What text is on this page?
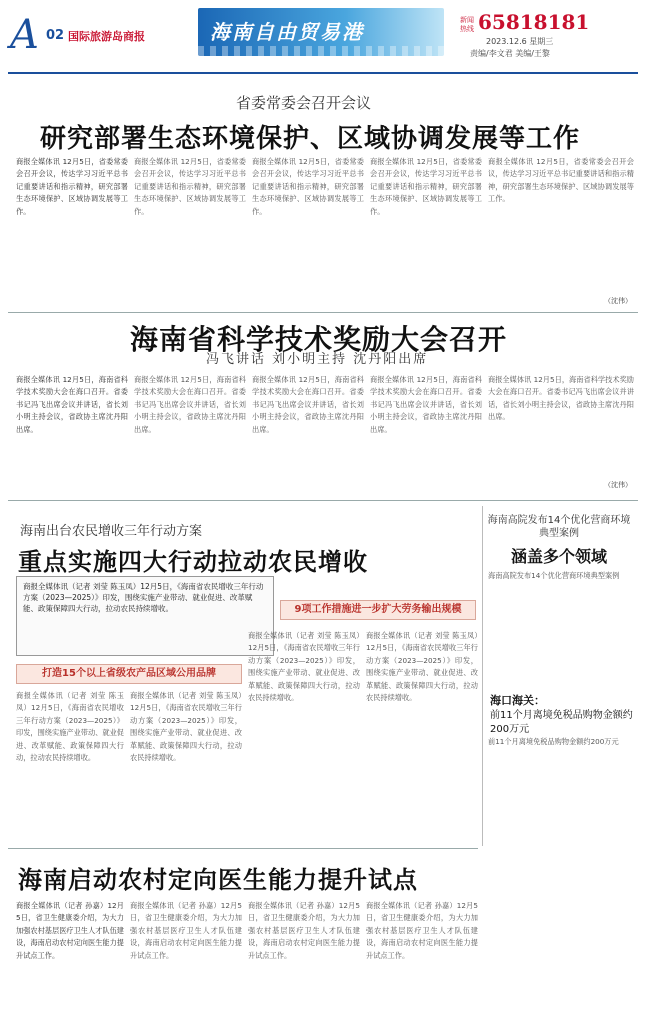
A 02 国际旅游岛商报	海南自由贸易港	新闻热线 65818181
2023.12.6 星期三
责编/李文君 美编/王黎
省委常委会召开会议
研究部署生态环境保护、区域协调发展等工作
商报全媒体讯 12月5日，省委常委会召开会议，传达学习习近平总书记重要讲话和指示精神，研究部署生态环境保护、区域协调发展等工作。
商报全媒体讯 12月5日，省委常委会召开会议，传达学习习近平总书记重要讲话和指示精神，研究部署生态环境保护、区域协调发展等工作。
商报全媒体讯 12月5日，省委常委会召开会议，传达学习习近平总书记重要讲话和指示精神，研究部署生态环境保护、区域协调发展等工作。
商报全媒体讯 12月5日，省委常委会召开会议，传达学习习近平总书记重要讲话和指示精神，研究部署生态环境保护、区域协调发展等工作。
商报全媒体讯 12月5日，省委常委会召开会议，传达学习习近平总书记重要讲话和指示精神，研究部署生态环境保护、区域协调发展等工作。
（沈伟）
海南省科学技术奖励大会召开
冯飞讲话 刘小明主持 沈丹阳出席
商报全媒体讯 12月5日，海南省科学技术奖励大会在海口召开。省委书记冯飞出席会议并讲话，省长刘小明主持会议，省政协主席沈丹阳出席。
商报全媒体讯 12月5日，海南省科学技术奖励大会在海口召开。省委书记冯飞出席会议并讲话，省长刘小明主持会议，省政协主席沈丹阳出席。
商报全媒体讯 12月5日，海南省科学技术奖励大会在海口召开。省委书记冯飞出席会议并讲话，省长刘小明主持会议，省政协主席沈丹阳出席。
商报全媒体讯 12月5日，海南省科学技术奖励大会在海口召开。省委书记冯飞出席会议并讲话，省长刘小明主持会议，省政协主席沈丹阳出席。
商报全媒体讯 12月5日，海南省科学技术奖励大会在海口召开。省委书记冯飞出席会议并讲话，省长刘小明主持会议，省政协主席沈丹阳出席。
（沈伟）
海南出台农民增收三年行动方案
重点实施四大行动拉动农民增收
商报全媒体讯（记者 刘莹 陈玉凤）12月5日，《海南省农民增收三年行动方案（2023—2025）》印发，围绕实施产业带动、就业促进、改革赋能、政策保障四大行动，拉动农民持续增收。
打造15个以上省级农产品区域公用品牌
商报全媒体讯（记者 刘莹 陈玉凤）12月5日，《海南省农民增收三年行动方案（2023—2025）》印发，围绕实施产业带动、就业促进、改革赋能、政策保障四大行动，拉动农民持续增收。
商报全媒体讯（记者 刘莹 陈玉凤）12月5日，《海南省农民增收三年行动方案（2023—2025）》印发，围绕实施产业带动、就业促进、改革赋能、政策保障四大行动，拉动农民持续增收。
9项工作措施进一步扩大劳务输出规模
商报全媒体讯（记者 刘莹 陈玉凤）12月5日，《海南省农民增收三年行动方案（2023—2025）》印发，围绕实施产业带动、就业促进、改革赋能、政策保障四大行动，拉动农民持续增收。
商报全媒体讯（记者 刘莹 陈玉凤）12月5日，《海南省农民增收三年行动方案（2023—2025）》印发，围绕实施产业带动、就业促进、改革赋能、政策保障四大行动，拉动农民持续增收。
海南高院发布14个优化营商环境典型案例
涵盖多个领域
海南高院发布14个优化营商环境典型案例
海口海关：
前11个月离境免税品购物金额约200万元
前11个月离境免税品购物金额约200万元
海南启动农村定向医生能力提升试点
商报全媒体讯（记者 孙嘉）12月5日，省卫生健康委介绍，为大力加强农村基层医疗卫生人才队伍建设，海南启动农村定向医生能力提升试点工作。
商报全媒体讯（记者 孙嘉）12月5日，省卫生健康委介绍，为大力加强农村基层医疗卫生人才队伍建设，海南启动农村定向医生能力提升试点工作。
商报全媒体讯（记者 孙嘉）12月5日，省卫生健康委介绍，为大力加强农村基层医疗卫生人才队伍建设，海南启动农村定向医生能力提升试点工作。
商报全媒体讯（记者 孙嘉）12月5日，省卫生健康委介绍，为大力加强农村基层医疗卫生人才队伍建设，海南启动农村定向医生能力提升试点工作。
